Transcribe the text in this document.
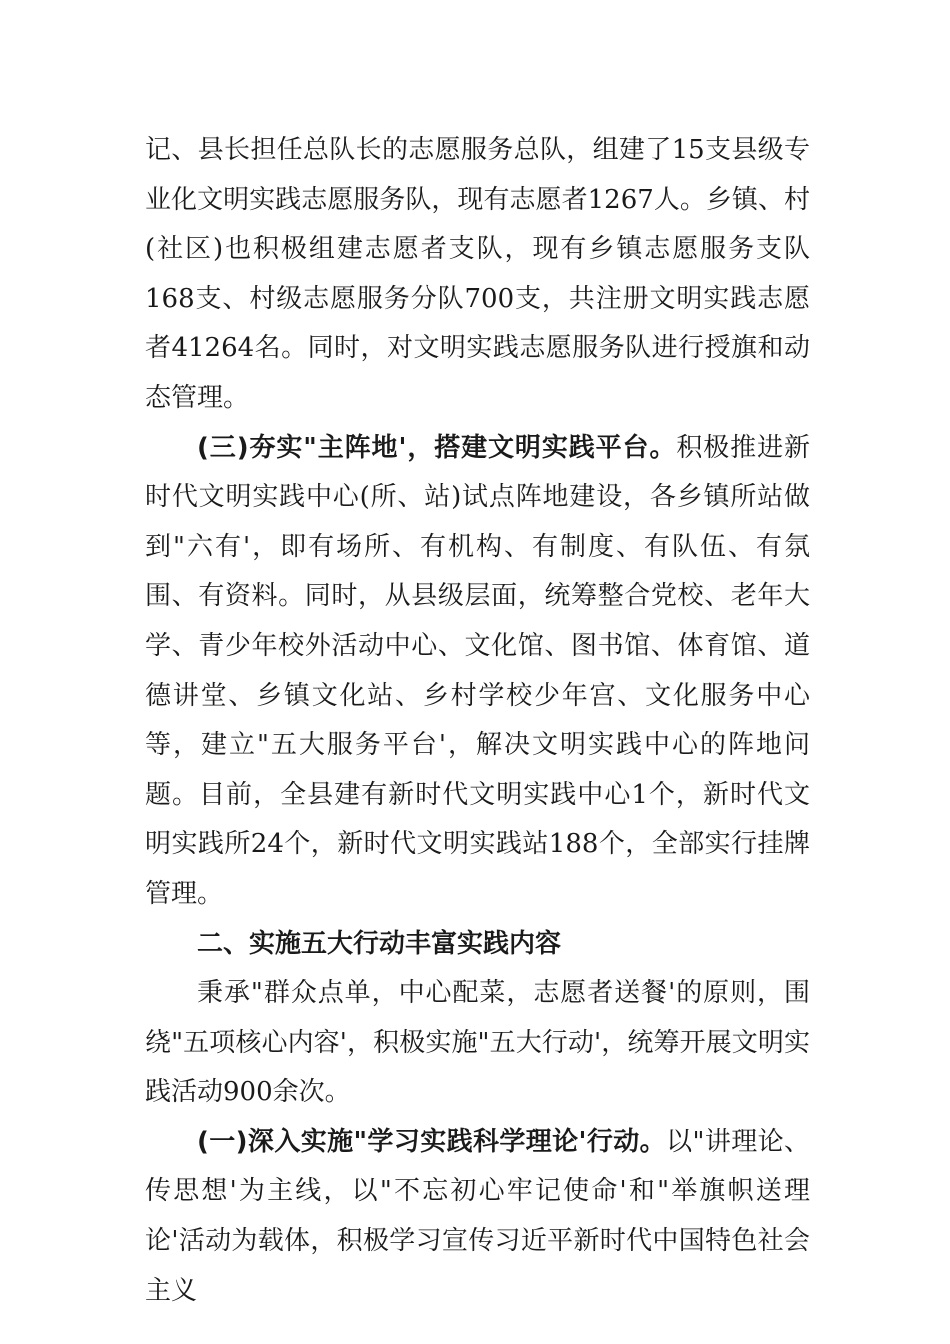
记、县长担任总队长的志愿服务总队，组建了15支县级专业化文明实践志愿服务队，现有志愿者1267人。乡镇、村(社区)也积极组建志愿者支队，现有乡镇志愿服务支队168支、村级志愿服务分队700支，共注册文明实践志愿者41264名。同时，对文明实践志愿服务队进行授旗和动态管理。

(三)夯实"主阵地'，搭建文明实践平台。积极推进新时代文明实践中心(所、站)试点阵地建设，各乡镇所站做到"六有'，即有场所、有机构、有制度、有队伍、有氛围、有资料。同时，从县级层面，统筹整合党校、老年大学、青少年校外活动中心、文化馆、图书馆、体育馆、道德讲堂、乡镇文化站、乡村学校少年宫、文化服务中心等，建立"五大服务平台'，解决文明实践中心的阵地问题。目前，全县建有新时代文明实践中心1个，新时代文明实践所24个，新时代文明实践站188个，全部实行挂牌管理。

二、实施五大行动丰富实践内容

秉承"群众点单，中心配菜，志愿者送餐'的原则，围绕"五项核心内容'，积极实施"五大行动'，统筹开展文明实践活动900余次。

(一)深入实施"学习实践科学理论'行动。以"讲理论、传思想'为主线，以"不忘初心牢记使命'和"举旗帜送理论'活动为载体，积极学习宣传习近平新时代中国特色社会主义
